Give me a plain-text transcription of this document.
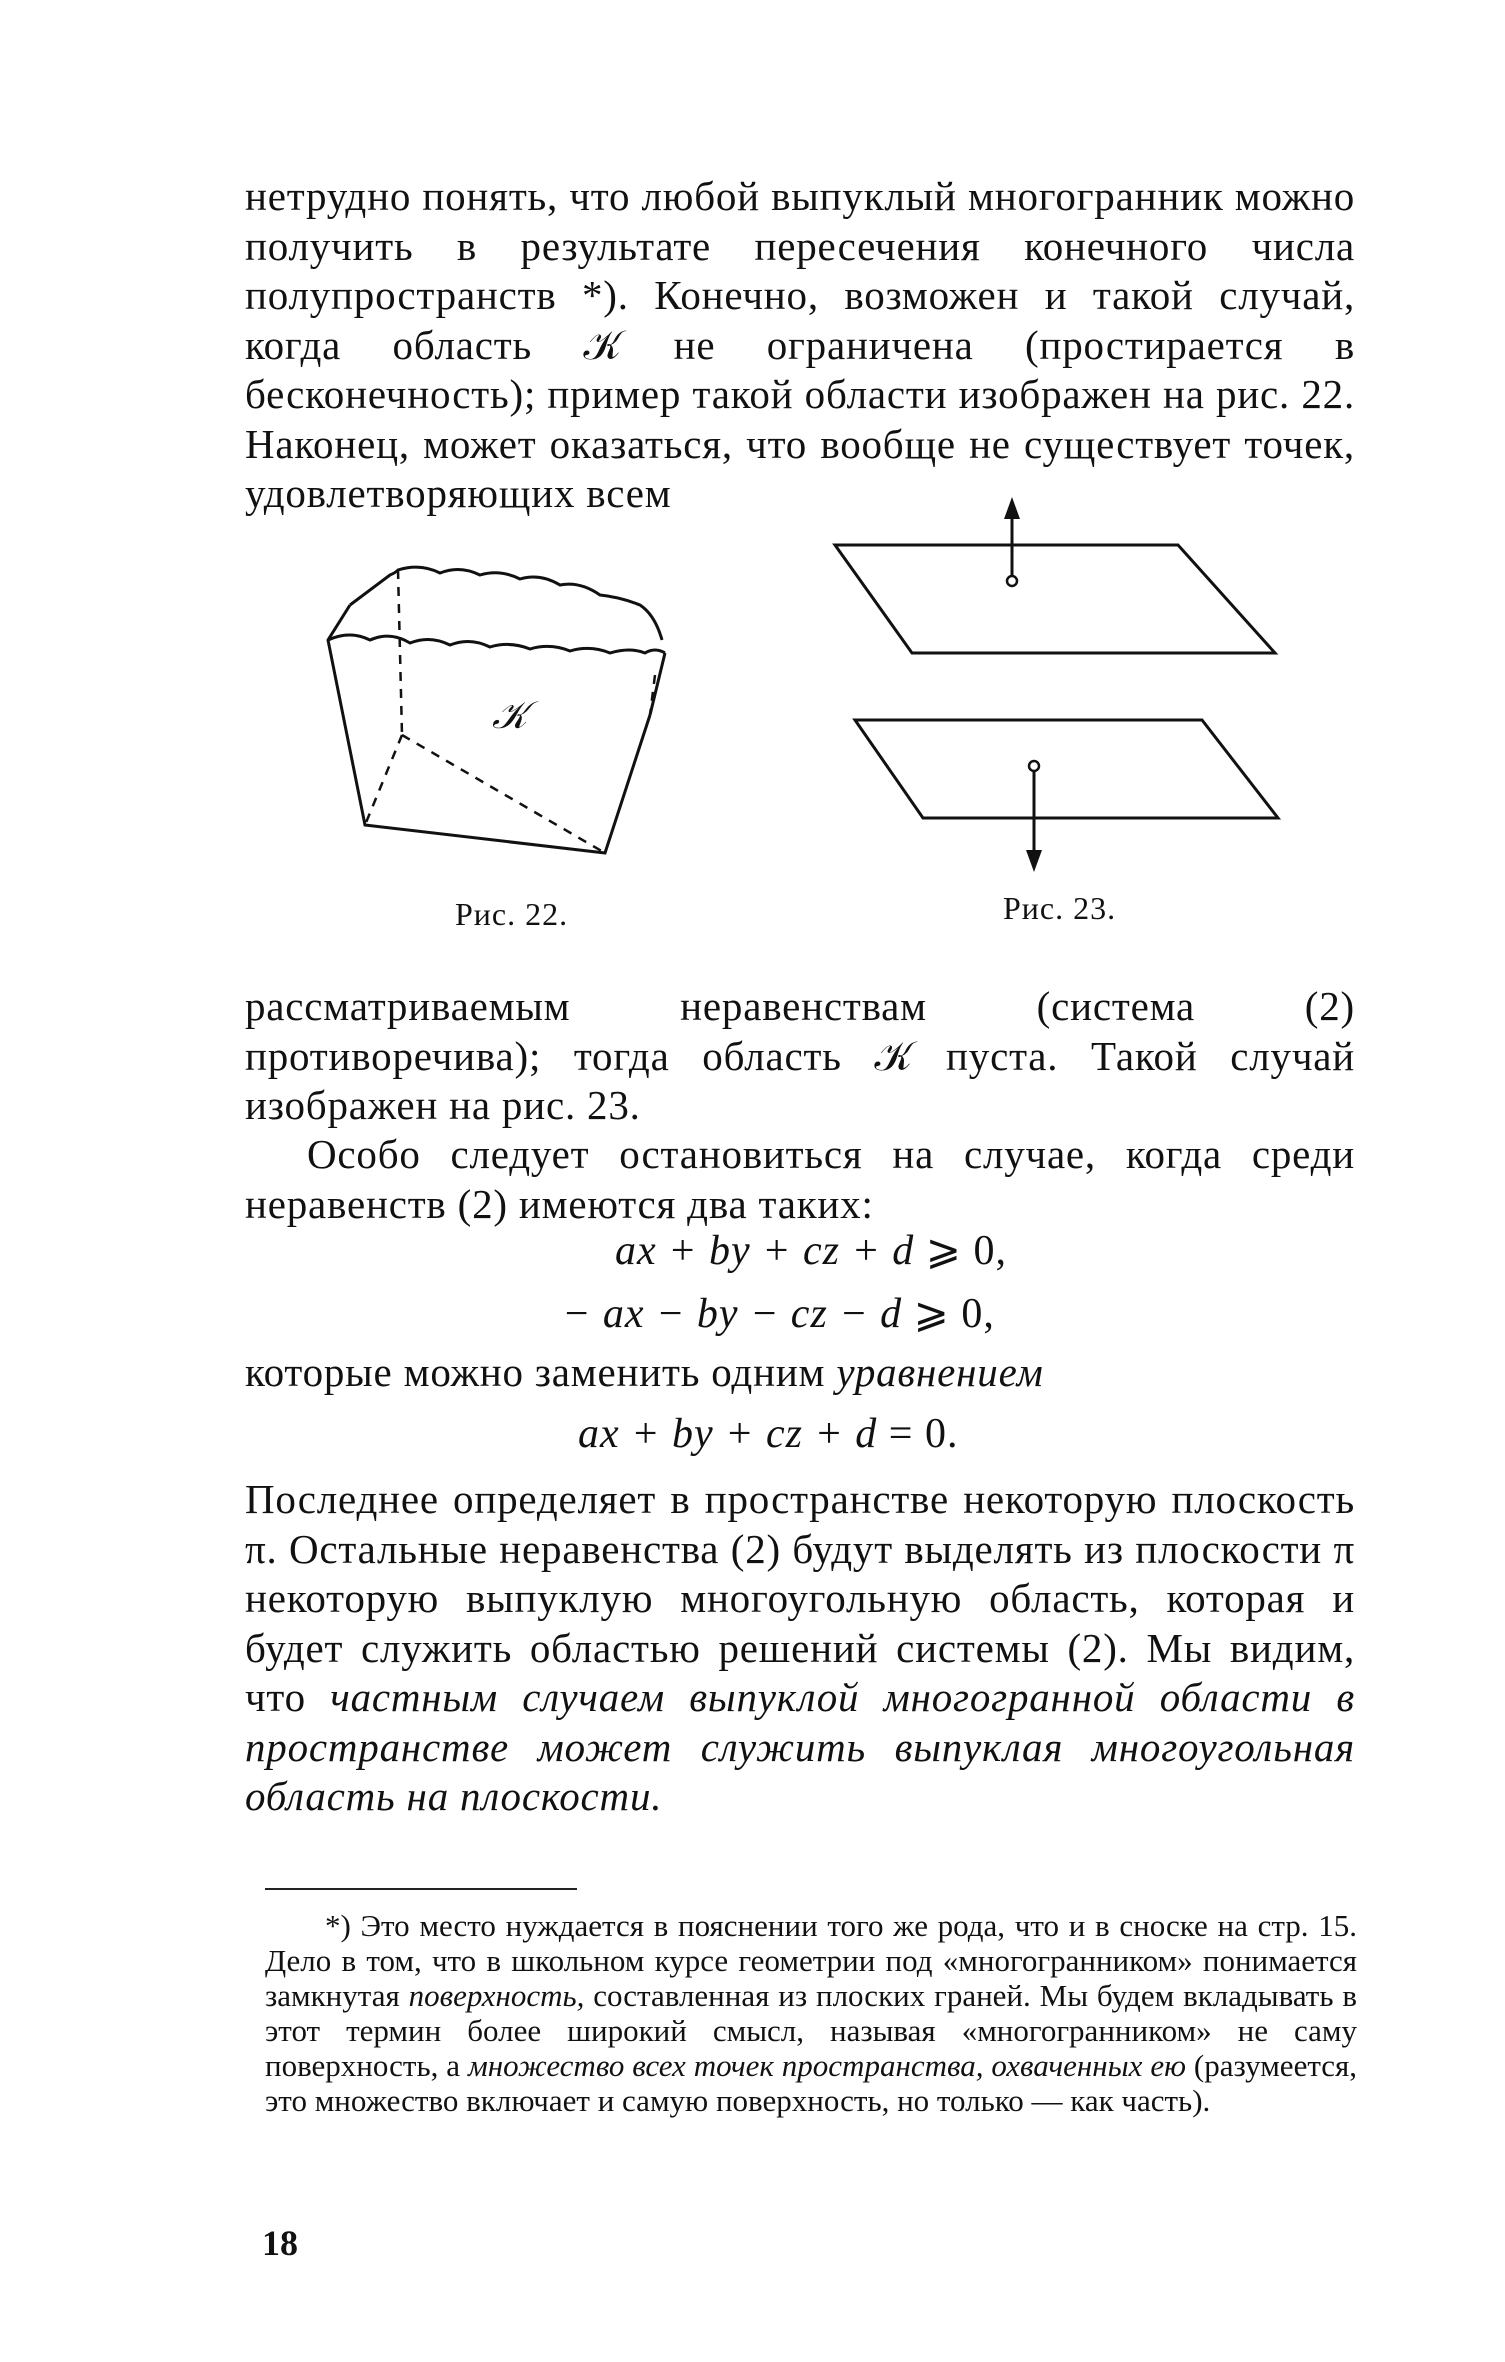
нетрудно понять, что любой выпуклый многогранник можно получить в результате пересечения конечного числа полупространств *). Конечно, возможен и такой случай, когда область 𝒦 не ограничена (простирается в бесконечность); пример такой области изображен на рис. 22. Наконец, может оказаться, что вообще не существует точек, удовлетворяющих всем

𝒦
Рис. 22.	Рис. 23.

рассматриваемым неравенствам (система (2) противоречива); тогда область 𝒦 пуста. Такой случай изображен на рис. 23.

Особо следует остановиться на случае, когда среди неравенств (2) имеются два таких:

ax + by + cz + d ⩾ 0,
− ax − by − cz − d ⩾ 0,

которые можно заменить одним уравнением

ax + by + cz + d = 0.

Последнее определяет в пространстве некоторую плоскость π. Остальные неравенства (2) будут выделять из плоскости π некоторую выпуклую многоугольную область, которая и будет служить областью решений системы (2). Мы видим, что частным случаем выпуклой многогранной области в пространстве может служить выпуклая многоугольная область на плоскости.

*) Это место нуждается в пояснении того же рода, что и в сноске на стр. 15. Дело в том, что в школьном курсе геометрии под «многогранником» понимается замкнутая поверхность, составленная из плоских граней. Мы будем вкладывать в этот термин более широкий смысл, называя «многогранником» не саму поверхность, а множество всех точек пространства, охваченных ею (разумеется, это множество включает и самую поверхность, но только — как часть).

18
